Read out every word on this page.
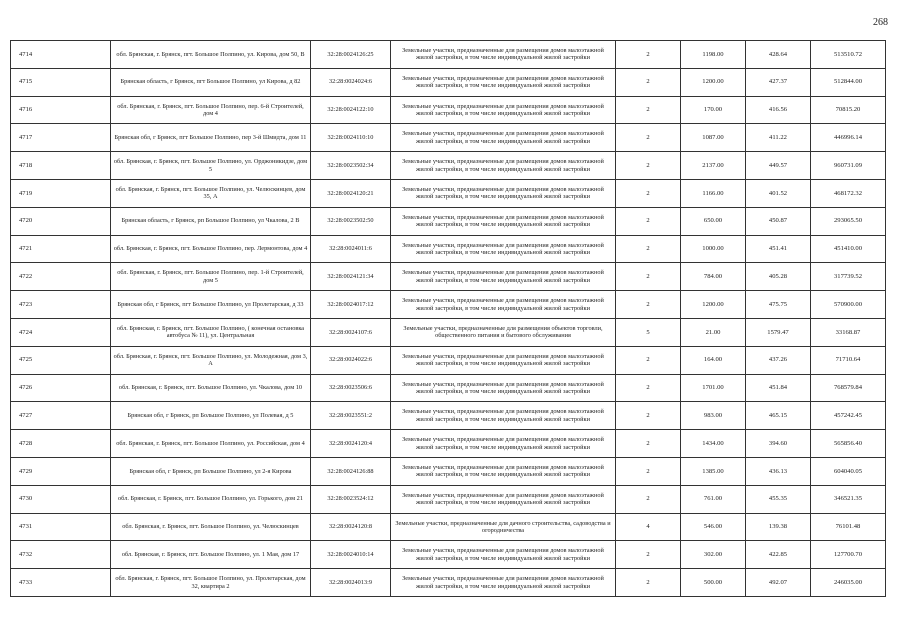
268
4714	обл. Брянская, г. Брянск, пгт. Большое Полпино, ул. Кирова, дом 50, В	32:28:0024126:25	Земельные участки, предназначенные для размещения домов малоэтажной жилой застройки, в том числе индивидуальной жилой застройки	2	1198.00	428.64	513510.72
4715	Брянская область, г Брянск, пгт Большое Полпино, ул Кирова, д 82	32:28:0024024:6	Земельные участки, предназначенные для размещения домов малоэтажной жилой застройки, в том числе индивидуальной жилой застройки	2	1200.00	427.37	512844.00
4716	обл. Брянская, г. Брянск, пгт. Большое Полпино, пер. 6-й Строителей, дом 4	32:28:0024122:10	Земельные участки, предназначенные для размещения домов малоэтажной жилой застройки, в том числе индивидуальной жилой застройки	2	170.00	416.56	70815.20
4717	Брянская обл, г Брянск, пгт Большое Полпино, пер 3-й Шмидта, дом 11	32:28:0024110:10	Земельные участки, предназначенные для размещения домов малоэтажной жилой застройки, в том числе индивидуальной жилой застройки	2	1087.00	411.22	446996.14
4718	обл. Брянская, г. Брянск, пгт. Большое Полпино, ул. Орджоникидзе, дом 5	32:28:0023502:34	Земельные участки, предназначенные для размещения домов малоэтажной жилой застройки, в том числе индивидуальной жилой застройки	2	2137.00	449.57	960731.09
4719	обл. Брянская, г. Брянск, пгт. Большое Полпино, ул. Челюскинцев, дом 35, А	32:28:0024120:21	Земельные участки, предназначенные для размещения домов малоэтажной жилой застройки, в том числе индивидуальной жилой застройки	2	1166.00	401.52	468172.32
4720	Брянская область, г Брянск, рп Большое Полпино, ул Чкалова, 2 В	32:28:0023502:50	Земельные участки, предназначенные для размещения домов малоэтажной жилой застройки, в том числе индивидуальной жилой застройки	2	650.00	450.87	293065.50
4721	обл. Брянская, г. Брянск, пгт. Большое Полпино, пер. Лермонтова, дом 4	32:28:0024011:6	Земельные участки, предназначенные для размещения домов малоэтажной жилой застройки, в том числе индивидуальной жилой застройки	2	1000.00	451.41	451410.00
4722	обл. Брянская, г. Брянск, пгт. Большое Полпино, пер. 1-й Строителей, дом 5	32:28:0024121:34	Земельные участки, предназначенные для размещения домов малоэтажной жилой застройки, в том числе индивидуальной жилой застройки	2	784.00	405.28	317739.52
4723	Брянская обл, г Брянск, пгт Большое Полпино, ул Пролетарская, д 33	32:28:0024017:12	Земельные участки, предназначенные для размещения домов малоэтажной жилой застройки, в том числе индивидуальной жилой застройки	2	1200.00	475.75	570900.00
4724	обл. Брянская, г. Брянск, пгт. Большое Полпино, ( конечная остановка автобуса № 11), ул. Центральная	32:28:0024107:6	Земельные участки, предназначенные для размещения объектов торговли, общественного питания и бытового обслуживания	5	21.00	1579.47	33168.87
4725	обл. Брянская, г. Брянск, пгт. Большое Полпино, ул. Молодежная, дом 3, А	32:28:0024022:6	Земельные участки, предназначенные для размещения домов малоэтажной жилой застройки, в том числе индивидуальной жилой застройки	2	164.00	437.26	71710.64
4726	обл. Брянская, г. Брянск, пгт. Большое Полпино, ул. Чкалова, дом 10	32:28:0023506:6	Земельные участки, предназначенные для размещения домов малоэтажной жилой застройки, в том числе индивидуальной жилой застройки	2	1701.00	451.84	768579.84
4727	Брянская обл, г Брянск, рп Большое Полпино, ул Полевая, д 5	32:28:0023551:2	Земельные участки, предназначенные для размещения домов малоэтажной жилой застройки, в том числе индивидуальной жилой застройки	2	983.00	465.15	457242.45
4728	обл. Брянская, г. Брянск, пгт. Большое Полпино, ул. Российская, дом 4	32:28:0024120:4	Земельные участки, предназначенные для размещения домов малоэтажной жилой застройки, в том числе индивидуальной жилой застройки	2	1434.00	394.60	565856.40
4729	Брянская обл, г Брянск, рп Большое Полпино, ул 2-я Кирова	32:28:0024126:88	Земельные участки, предназначенные для размещения домов малоэтажной жилой застройки, в том числе индивидуальной жилой застройки	2	1385.00	436.13	604040.05
4730	обл. Брянская, г. Брянск, пгт. Большое Полпино, ул. Горького, дом 21	32:28:0023524:12	Земельные участки, предназначенные для размещения домов малоэтажной жилой застройки, в том числе индивидуальной жилой застройки	2	761.00	455.35	346521.35
4731	обл. Брянская, г. Брянск, пгт. Большое Полпино, ул. Челюскинцев	32:28:0024120:8	Земельные участки, предназначенные для дачного строительства, садоводства и огородничества	4	546.00	139.38	76101.48
4732	обл. Брянская, г. Брянск, пгт. Большое Полпино, ул. 1 Мая, дом 17	32:28:0024010:14	Земельные участки, предназначенные для размещения домов малоэтажной жилой застройки, в том числе индивидуальной жилой застройки	2	302.00	422.85	127700.70
4733	обл. Брянская, г. Брянск, пгт. Большое Полпино, ул. Пролетарская, дом 32, квартира 2	32:28:0024013:9	Земельные участки, предназначенные для размещения домов малоэтажной жилой застройки, в том числе индивидуальной жилой застройки	2	500.00	492.07	246035.00
